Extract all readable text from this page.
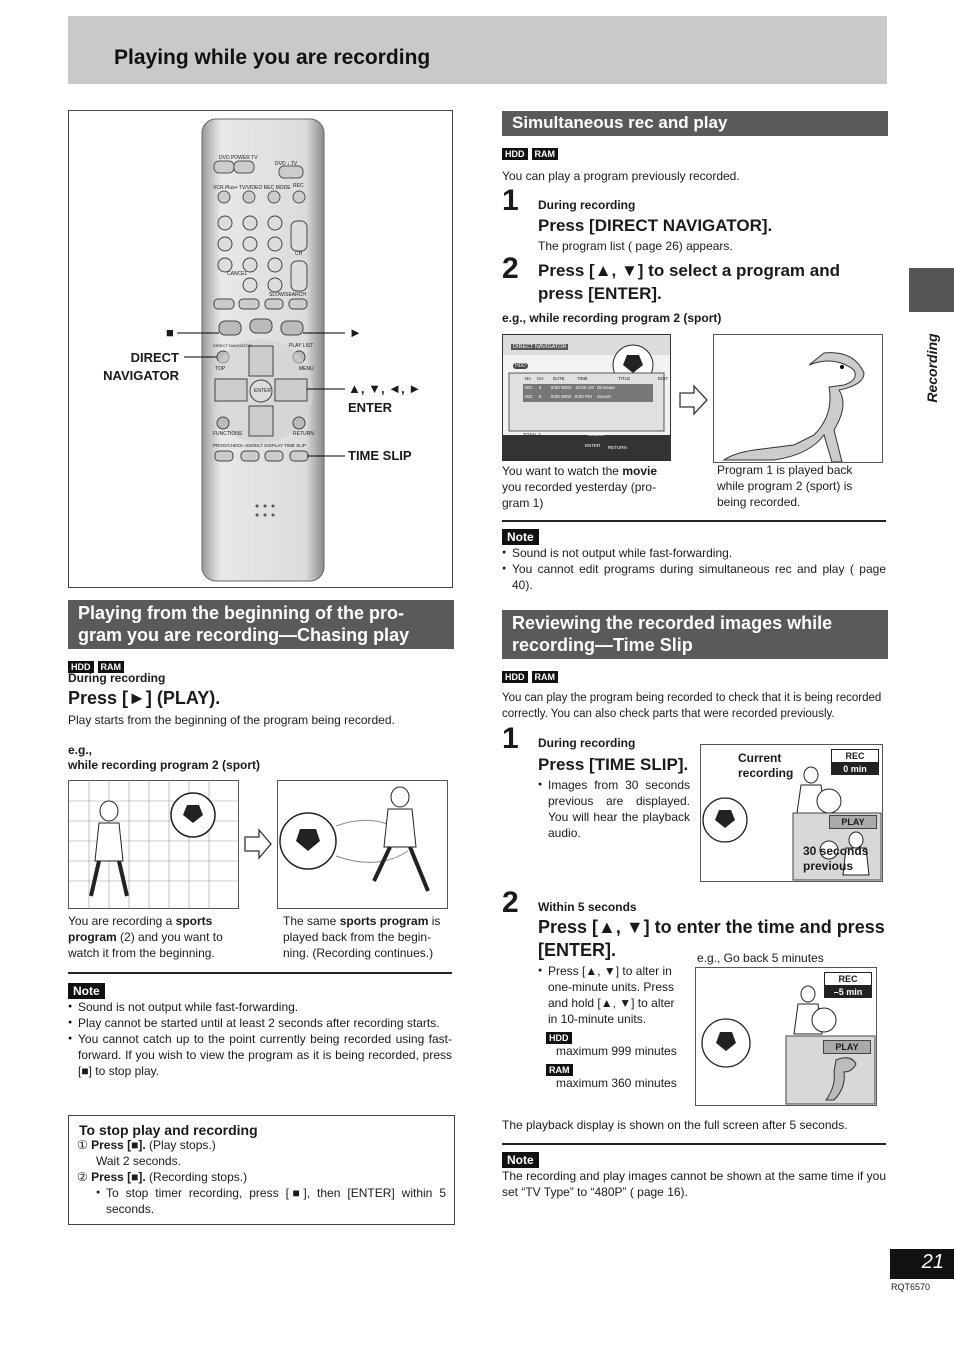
Playing while you are recording
Recording
DVD POWER TV
DVD ↕ TV
VCR Plus+ TV/VIDEO REC MODE REC
CH
CANCEL
SLOW/SEARCH
DIRECT NAVIGATOR	PLAY LIST
TOP	MENU
ENTER
FUNCTIONS	RETURN
PROG/CHECK ADD/DLT DISPLAY TIME SLIP
■	►
DIRECT NAVIGATOR
▲, ▼, ◄, ►
ENTER
TIME SLIP
Playing from the beginning of the pro-
gram you are recording—Chasing play
HDD RAM
During recording
Press [►] (PLAY).
Play starts from the beginning of the program being recorded.
e.g.,
while recording program 2 (sport)
You are recording a sports program (2) and you want to watch it from the beginning.
The same sports program is played back from the begin-ning. (Recording continues.)
Note
● Sound is not output while fast-forwarding.
● Play cannot be started until at least 2 seconds after recording starts.
● You cannot catch up to the point currently being recorded using fast-forward. If you wish to view the program as it is being recorded, press [■] to stop play.
To stop play and recording
① Press [■]. (Play stops.)
Wait 2 seconds.
② Press [■]. (Recording stops.)
● To stop timer recording, press [■], then [ENTER] within 5 seconds.
Simultaneous rec and play
HDD RAM
You can play a program previously recorded.
1 During recording
Press [DIRECT NAVIGATOR].
The program list ( page 26) appears.
2 Press [▲, ▼] to select a program and press [ENTER].
e.g., while recording program 2 (sport)
DIRECT NAVIGATOR
HDD
No CH DATE	TIME	TITLE	EDIT
001 4 6/30 WED 10:00 AM Dinosaur
002 6 6/30 WED 8:00 PM Soccer
TOTAL 2	SELECT
ENTER RETURN
You want to watch the movie you recorded yesterday (pro-gram 1)
Program 1 is played back while program 2 (sport) is being recorded.
Note
● Sound is not output while fast-forwarding.
● You cannot edit programs during simultaneous rec and play ( page 40).
Reviewing the recorded images while
recording—Time Slip
HDD RAM
You can play the program being recorded to check that it is being recorded correctly. You can also check parts that were recorded previously.
1 During recording
Press [TIME SLIP].
● Images from 30 seconds previous are displayed. You will hear the playback audio.
Current recording
REC
0 min
PLAY
30 seconds previous
2 Within 5 seconds
Press [▲, ▼] to enter the time and press [ENTER].	e.g., Go back 5 minutes
● Press [▲, ▼] to alter in one-minute units. Press and hold [▲, ▼] to alter in 10-minute units.
HDD
maximum 999 minutes
RAM
maximum 360 minutes
REC
–5 min
PLAY
The playback display is shown on the full screen after 5 seconds.
Note
The recording and play images cannot be shown at the same time if you set “TV Type” to “480P” ( page 16).
21
RQT6570
